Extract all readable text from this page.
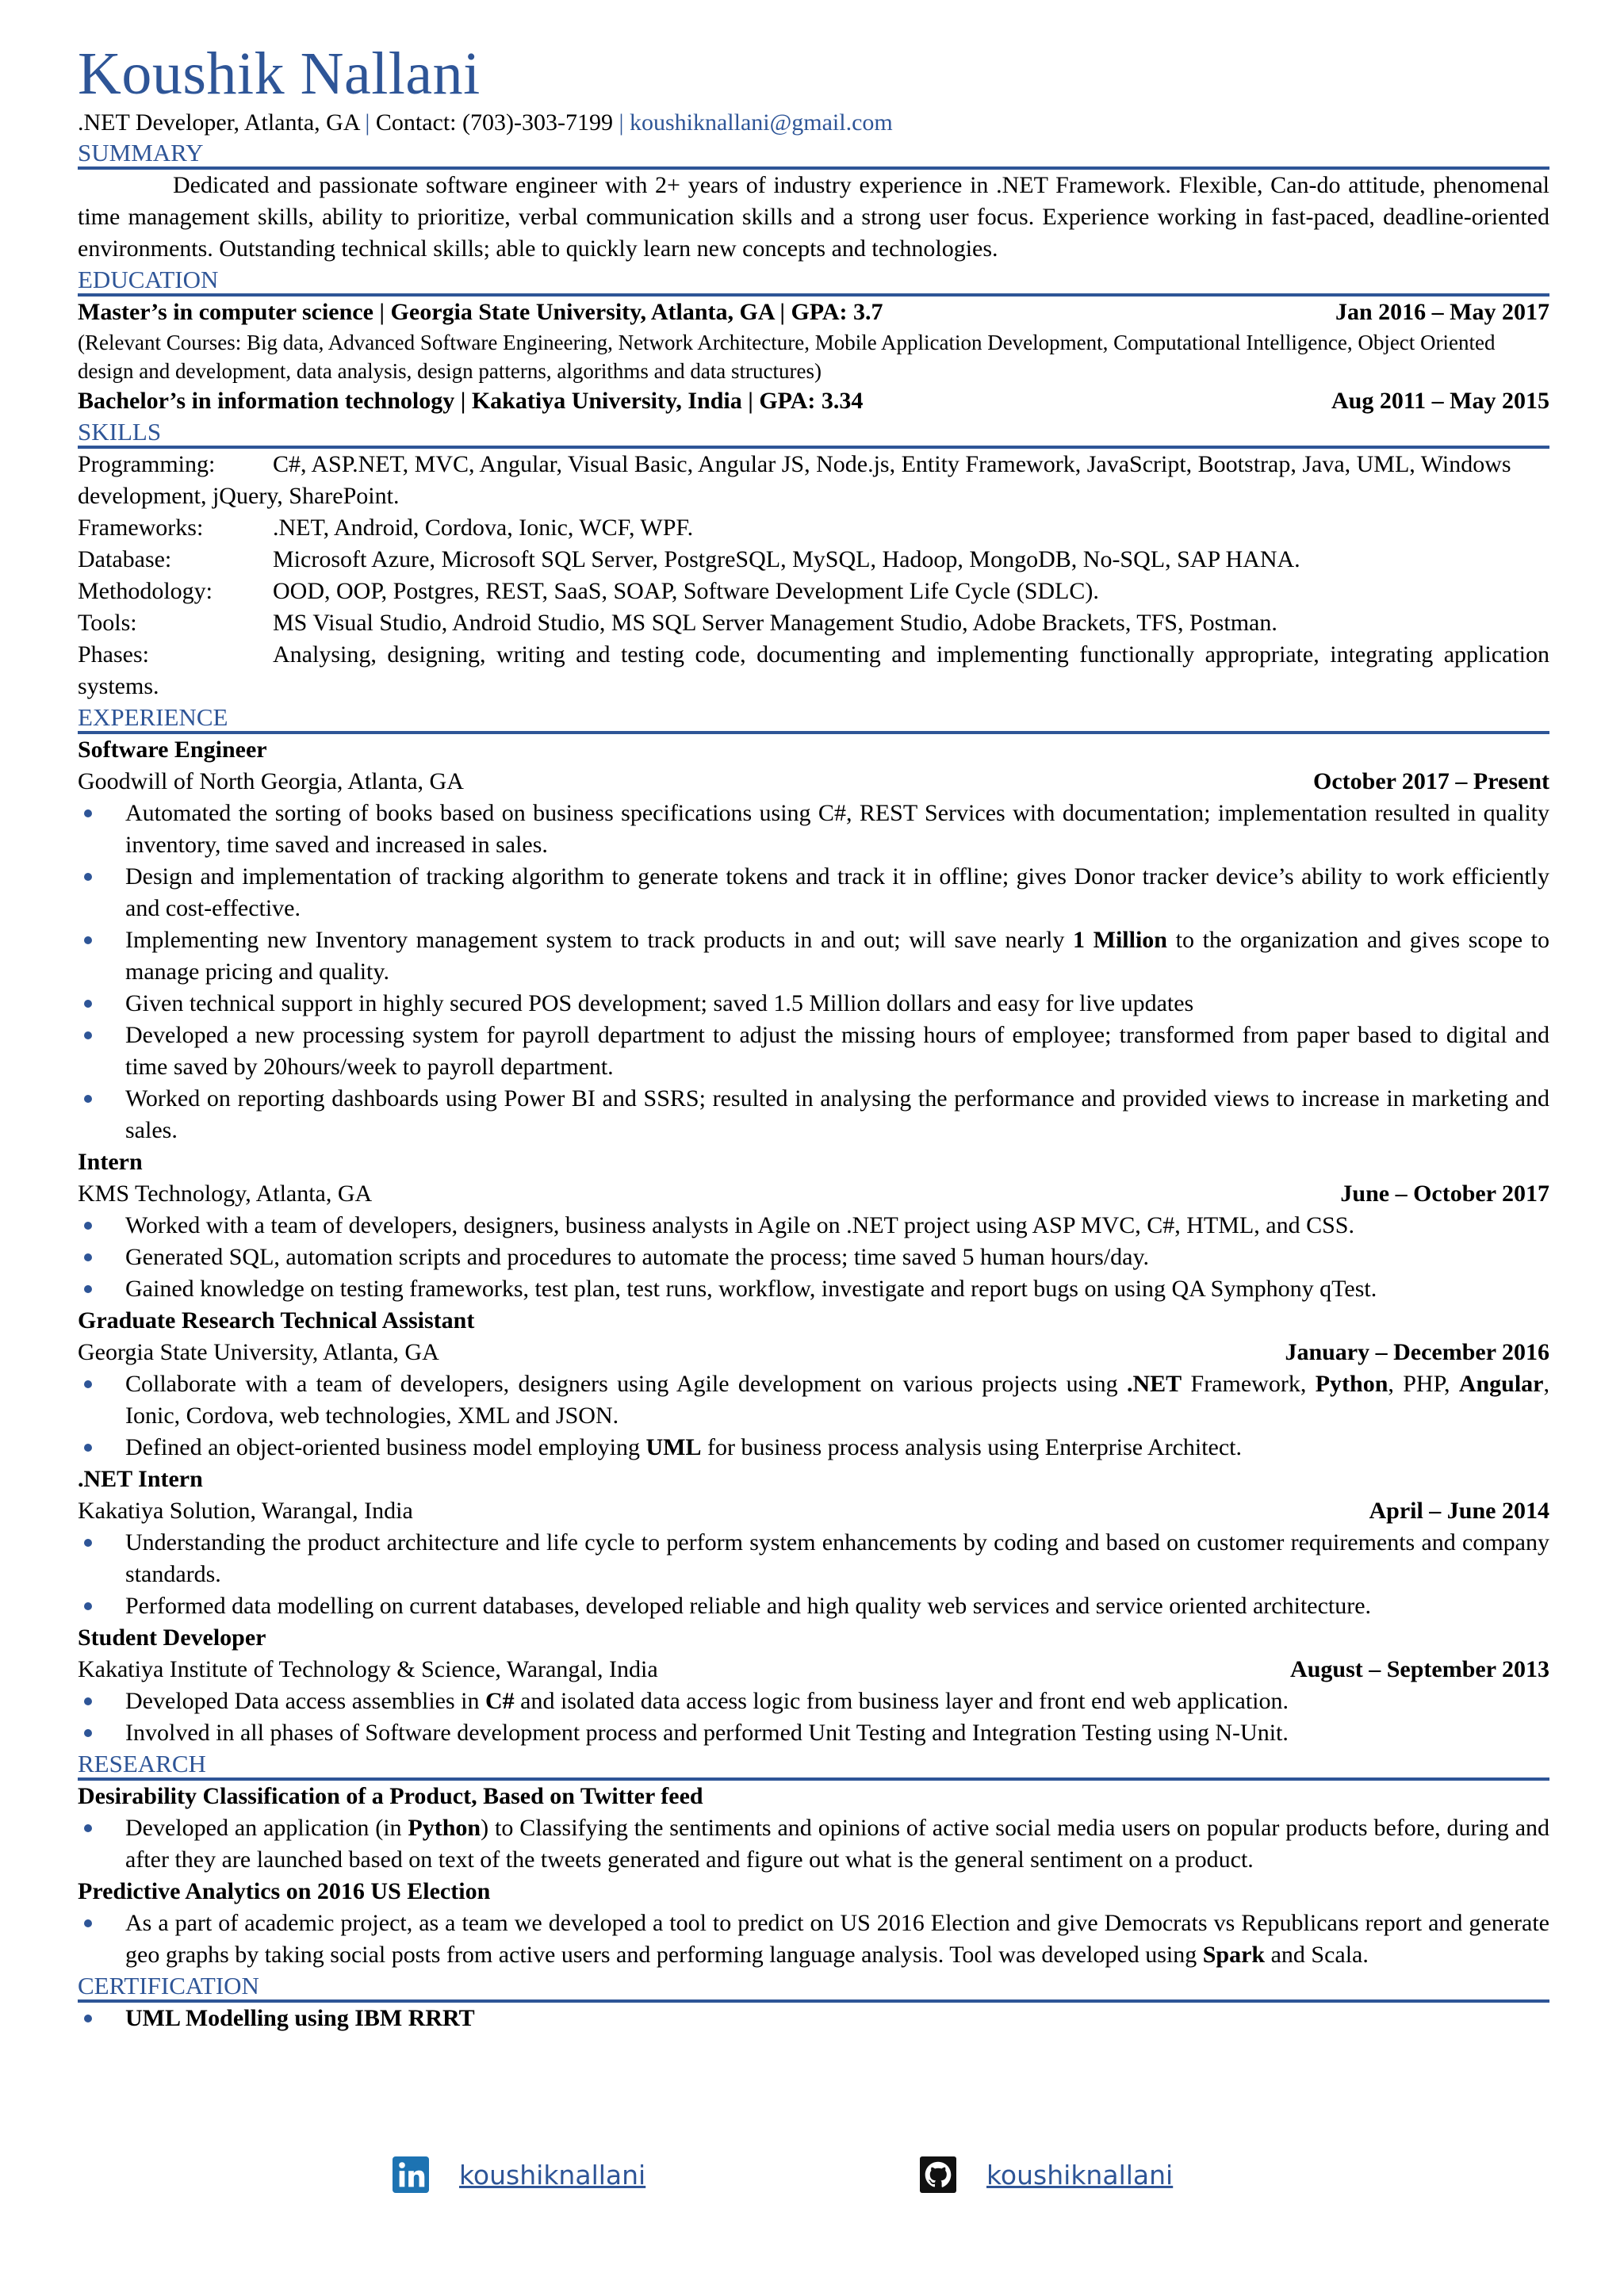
Koushik Nallani
.NET Developer, Atlanta, GA | Contact: (703)-303-7199 | koushiknallani@gmail.com
SUMMARY
Dedicated and passionate software engineer with 2+ years of industry experience in .NET Framework. Flexible, Can-do attitude, phenomenal time management skills, ability to prioritize, verbal communication skills and a strong user focus. Experience working in fast-paced, deadline-oriented environments. Outstanding technical skills; able to quickly learn new concepts and technologies.
EDUCATION
Master’s in computer science | Georgia State University, Atlanta, GA | GPA: 3.7	Jan 2016 – May 2017
(Relevant Courses: Big data, Advanced Software Engineering, Network Architecture, Mobile Application Development, Computational Intelligence, Object Oriented design and development, data analysis, design patterns, algorithms and data structures)
Bachelor’s in information technology | Kakatiya University, India | GPA: 3.34	Aug 2011 – May 2015
SKILLS
Programming: C#, ASP.NET, MVC, Angular, Visual Basic, Angular JS, Node.js, Entity Framework, JavaScript, Bootstrap, Java, UML, Windows development, jQuery, SharePoint.
Frameworks:	.NET, Android, Cordova, Ionic, WCF, WPF.
Database:	Microsoft Azure, Microsoft SQL Server, PostgreSQL, MySQL, Hadoop, MongoDB, No-SQL, SAP HANA.
Methodology:	OOD, OOP, Postgres, REST, SaaS, SOAP, Software Development Life Cycle (SDLC).
Tools:	MS Visual Studio, Android Studio, MS SQL Server Management Studio, Adobe Brackets, TFS, Postman.
Phases:	Analysing, designing, writing and testing code, documenting and implementing functionally appropriate, integrating application systems.
EXPERIENCE
Software Engineer
Goodwill of North Georgia, Atlanta, GA	October 2017 – Present
Automated the sorting of books based on business specifications using C#, REST Services with documentation; implementation resulted in quality inventory, time saved and increased in sales.
Design and implementation of tracking algorithm to generate tokens and track it in offline; gives Donor tracker device’s ability to work efficiently and cost-effective.
Implementing new Inventory management system to track products in and out; will save nearly 1 Million to the organization and gives scope to manage pricing and quality.
Given technical support in highly secured POS development; saved 1.5 Million dollars and easy for live updates
Developed a new processing system for payroll department to adjust the missing hours of employee; transformed from paper based to digital and time saved by 20hours/week to payroll department.
Worked on reporting dashboards using Power BI and SSRS; resulted in analysing the performance and provided views to increase in marketing and sales.
Intern
KMS Technology, Atlanta, GA	June – October 2017
Worked with a team of developers, designers, business analysts in Agile on .NET project using ASP MVC, C#, HTML, and CSS.
Generated SQL, automation scripts and procedures to automate the process; time saved 5 human hours/day.
Gained knowledge on testing frameworks, test plan, test runs, workflow, investigate and report bugs on using QA Symphony qTest.
Graduate Research Technical Assistant
Georgia State University, Atlanta, GA	January – December 2016
Collaborate with a team of developers, designers using Agile development on various projects using .NET Framework, Python, PHP, Angular, Ionic, Cordova, web technologies, XML and JSON.
Defined an object-oriented business model employing UML for business process analysis using Enterprise Architect.
.NET Intern
Kakatiya Solution, Warangal, India	April – June 2014
Understanding the product architecture and life cycle to perform system enhancements by coding and based on customer requirements and company standards.
Performed data modelling on current databases, developed reliable and high quality web services and service oriented architecture.
Student Developer
Kakatiya Institute of Technology & Science, Warangal, India	August – September 2013
Developed Data access assemblies in C# and isolated data access logic from business layer and front end web application.
Involved in all phases of Software development process and performed Unit Testing and Integration Testing using N-Unit.
RESEARCH
Desirability Classification of a Product, Based on Twitter feed
Developed an application (in Python) to Classifying the sentiments and opinions of active social media users on popular products before, during and after they are launched based on text of the tweets generated and figure out what is the general sentiment on a product.
Predictive Analytics on 2016 US Election
As a part of academic project, as a team we developed a tool to predict on US 2016 Election and give Democrats vs Republicans report and generate geo graphs by taking social posts from active users and performing language analysis. Tool was developed using Spark and Scala.
CERTIFICATION
UML Modelling using IBM RRRT
koushiknallani	koushiknallani
